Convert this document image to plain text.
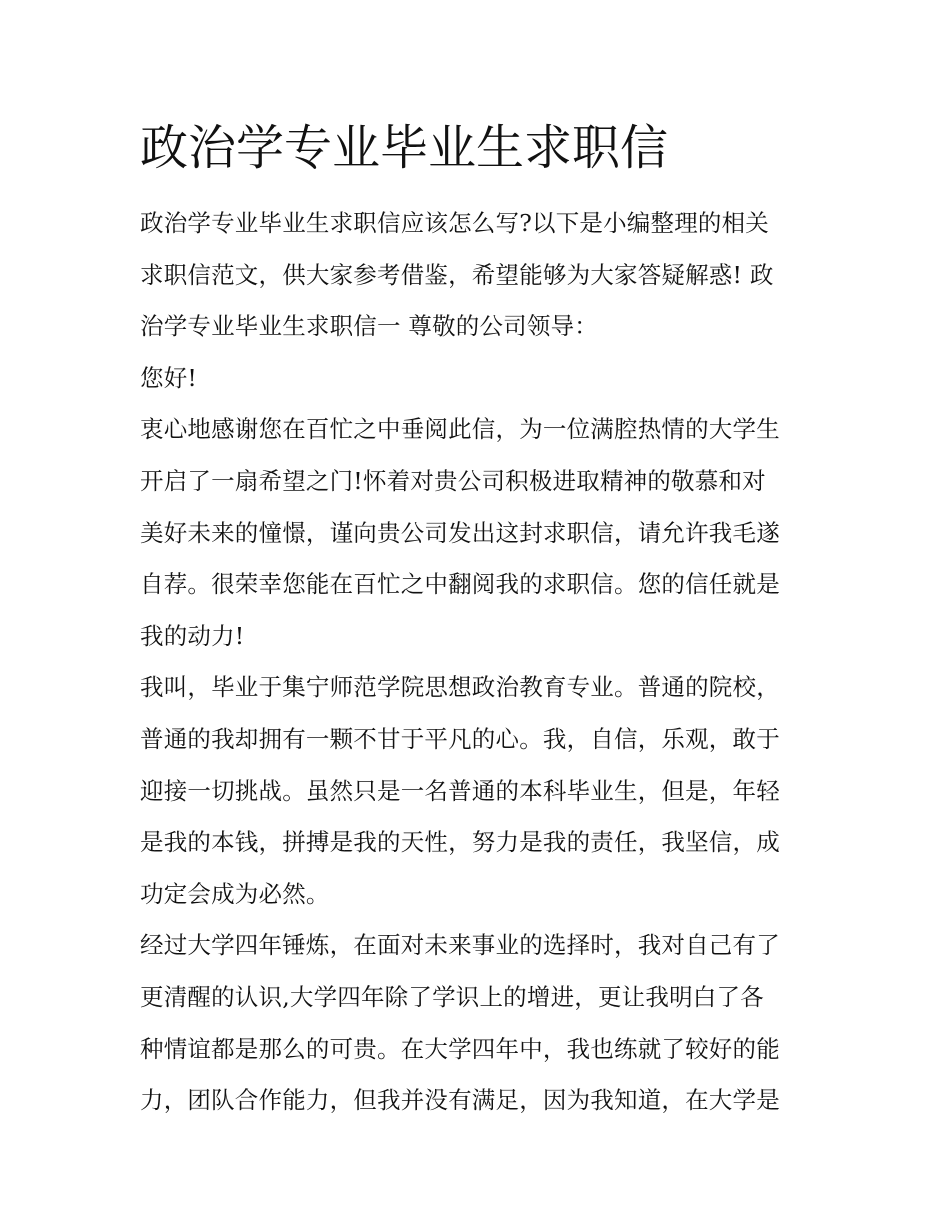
政治学专业毕业生求职信
政治学专业毕业生求职信应该怎么写?以下是小编整理的相关
求职信范文，供大家参考借鉴，希望能够为大家答疑解惑! 政
治学专业毕业生求职信一 尊敬的公司领导：
您好!
衷心地感谢您在百忙之中垂阅此信，为一位满腔热情的大学生
开启了一扇希望之门!怀着对贵公司积极进取精神的敬慕和对
美好未来的憧憬，谨向贵公司发出这封求职信，请允许我毛遂
自荐。很荣幸您能在百忙之中翻阅我的求职信。您的信任就是
我的动力!
我叫，毕业于集宁师范学院思想政治教育专业。普通的院校，
普通的我却拥有一颗不甘于平凡的心。我，自信，乐观，敢于
迎接一切挑战。虽然只是一名普通的本科毕业生，但是，年轻
是我的本钱，拼搏是我的天性，努力是我的责任，我坚信，成
功定会成为必然。
经过大学四年锤炼，在面对未来事业的选择时，我对自己有了
更清醒的认识,大学四年除了学识上的增进，更让我明白了各
种情谊都是那么的可贵。在大学四年中，我也练就了较好的能
力，团队合作能力，但我并没有满足，因为我知道，在大学是
